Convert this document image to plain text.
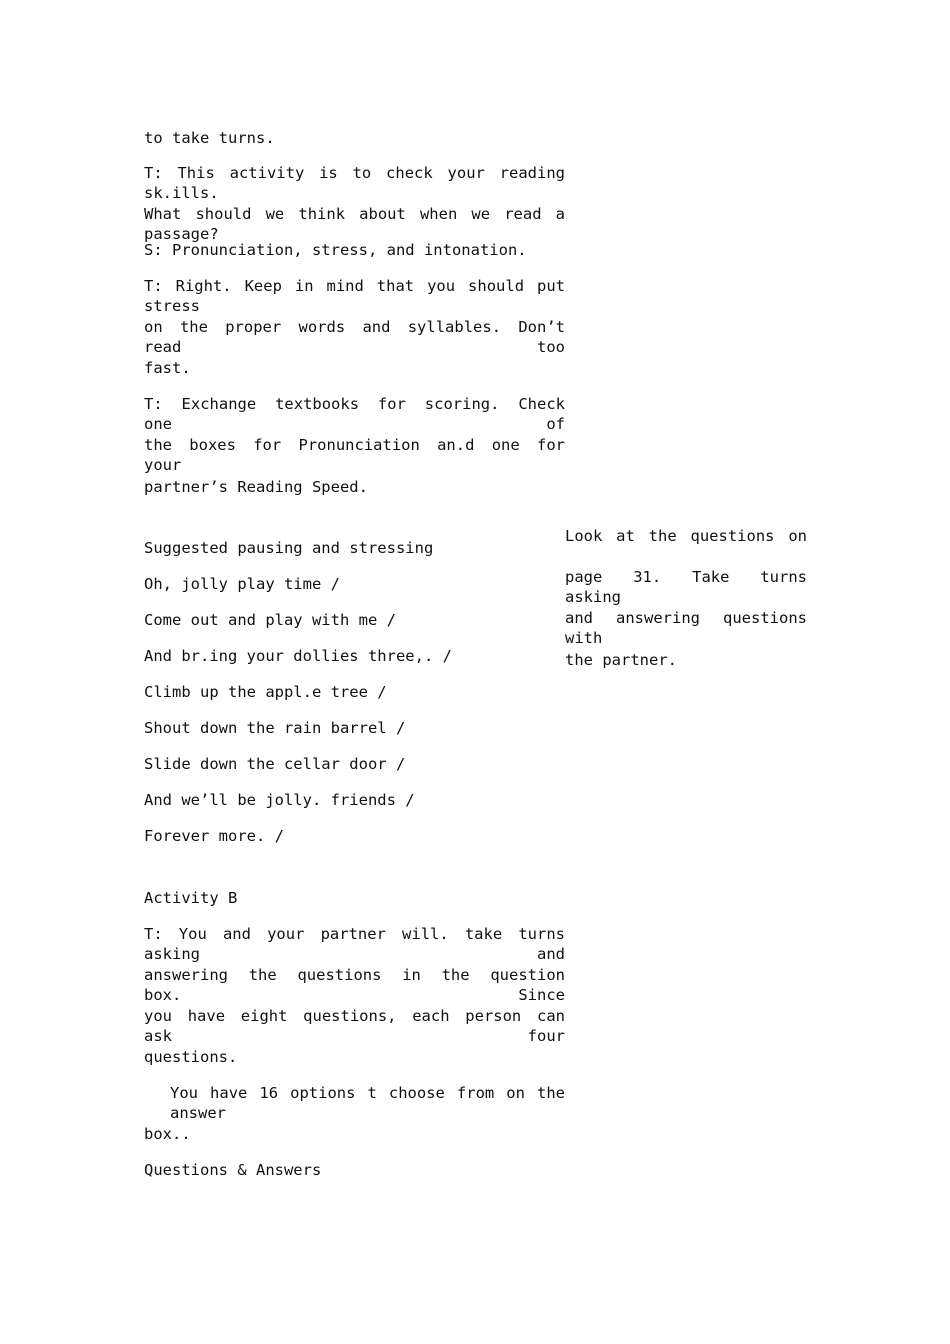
to take turns.

T: This activity is to check your reading sk.ills.

What should we think about when we read a passage?

S: Pronunciation, stress, and intonation.

T: Right. Keep in mind that you should put stress

on the proper words and syllables. Don’t read too

fast.

T: Exchange textbooks for scoring. Check one of

the boxes for Pronunciation an.d one for your

partner’s Reading Speed.

Suggested pausing and stressing

Oh, jolly play time /

Come out and play with me /

And br.ing your dollies three,. /

Climb up the appl.e tree /

Shout down the rain barrel /

Slide down the cellar door /

And we’ll be jolly. friends /

Forever more. /

Look at the questions on

page 31. Take turns asking

and answering questions with

the partner.

Activity B

T: You and your partner will. take turns asking and

answering the questions in the question box. Since

you have eight questions, each person can ask four

questions.

You have 16 options t choose from on the answer

box..

Questions & Answers
